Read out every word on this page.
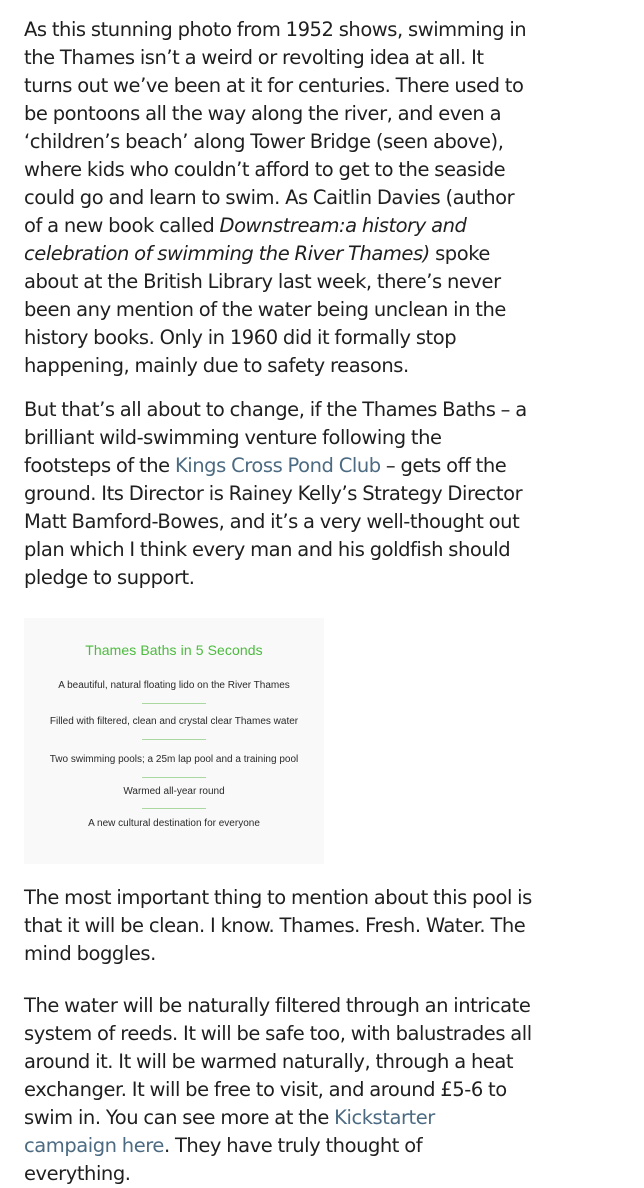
As this stunning photo from 1952 shows, swimming in the Thames isn’t a weird or revolting idea at all. It turns out we’ve been at it for centuries. There used to be pontoons all the way along the river, and even a ‘children’s beach’ along Tower Bridge (seen above), where kids who couldn’t afford to get to the seaside could go and learn to swim. As Caitlin Davies (author of a new book called Downstream:a history and celebration of swimming the River Thames) spoke about at the British Library last week, there’s never been any mention of the water being unclean in the history books. Only in 1960 did it formally stop happening, mainly due to safety reasons.

But that’s all about to change, if the Thames Baths – a brilliant wild-swimming venture following the footsteps of the Kings Cross Pond Club – gets off the ground. Its Director is Rainey Kelly’s Strategy Director Matt Bamford-Bowes, and it’s a very well-thought out plan which I think every man and his goldfish should pledge to support.

The most important thing to mention about this pool is that it will be clean. I know. Thames. Fresh. Water. The mind boggles.

The water will be naturally filtered through an intricate system of reeds. It will be safe too, with balustrades all around it. It will be warmed naturally, through a heat exchanger. It will be free to visit, and around £5-6 to swim in. You can see more at the Kickstarter campaign here. They have truly thought of everything.

Thames Baths in 5 Seconds
A beautiful, natural floating lido on the River Thames
Filled with filtered, clean and crystal clear Thames water
Two swimming pools; a 25m lap pool and a training pool
Warmed all-year round
A new cultural destination for everyone
